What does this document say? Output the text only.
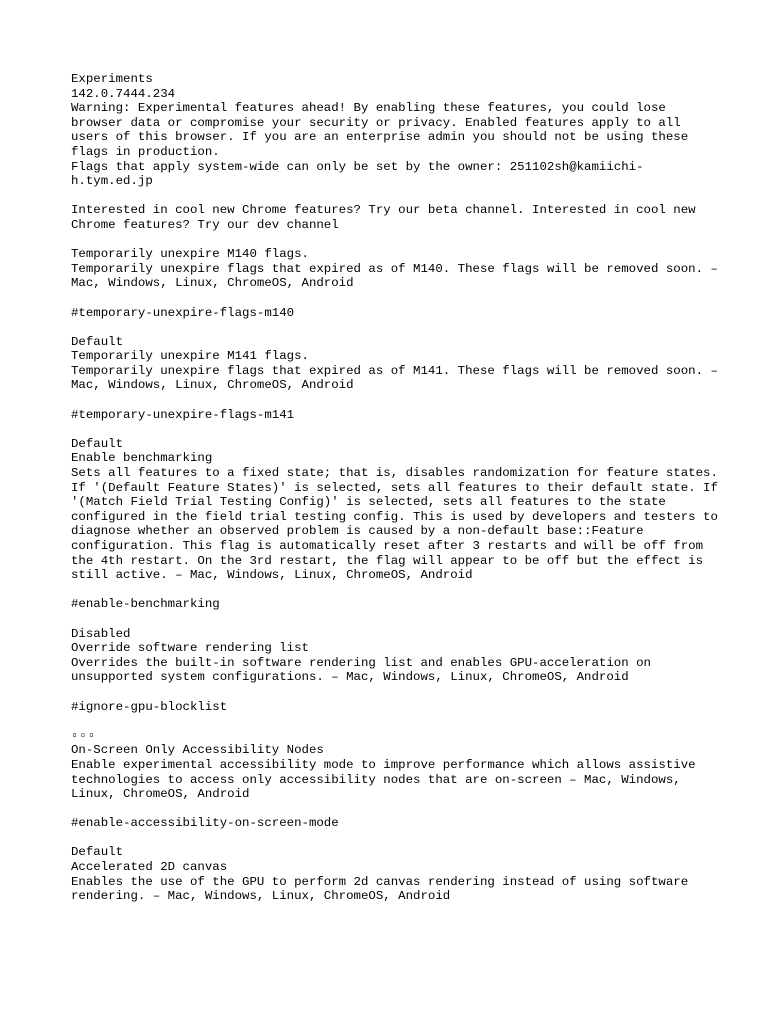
Experiments
142.0.7444.234
Warning: Experimental features ahead! By enabling these features, you could lose browser data or compromise your security or privacy. Enabled features apply to all users of this browser. If you are an enterprise admin you should not be using these flags in production.
Flags that apply system-wide can only be set by the owner: 251102sh@kamiichi-h.tym.ed.jp
Interested in cool new Chrome features? Try our beta channel. Interested in cool new Chrome features? Try our dev channel
Temporarily unexpire M140 flags.
Temporarily unexpire flags that expired as of M140. These flags will be removed soon. – Mac, Windows, Linux, ChromeOS, Android
#temporary-unexpire-flags-m140
Default
Temporarily unexpire M141 flags.
Temporarily unexpire flags that expired as of M141. These flags will be removed soon. – Mac, Windows, Linux, ChromeOS, Android
#temporary-unexpire-flags-m141
Default
Enable benchmarking
Sets all features to a fixed state; that is, disables randomization for feature states. If '(Default Feature States)' is selected, sets all features to their default state. If '(Match Field Trial Testing Config)' is selected, sets all features to the state configured in the field trial testing config. This is used by developers and testers to diagnose whether an observed problem is caused by a non-default base::Feature configuration. This flag is automatically reset after 3 restarts and will be off from the 4th restart. On the 3rd restart, the flag will appear to be off but the effect is still active. – Mac, Windows, Linux, ChromeOS, Android
#enable-benchmarking
Disabled
Override software rendering list
Overrides the built-in software rendering list and enables GPU-acceleration on unsupported system configurations. – Mac, Windows, Linux, ChromeOS, Android
#ignore-gpu-blocklist
▫▫▫
On-Screen Only Accessibility Nodes
Enable experimental accessibility mode to improve performance which allows assistive technologies to access only accessibility nodes that are on-screen – Mac, Windows, Linux, ChromeOS, Android
#enable-accessibility-on-screen-mode
Default
Accelerated 2D canvas
Enables the use of the GPU to perform 2d canvas rendering instead of using software rendering. – Mac, Windows, Linux, ChromeOS, Android
